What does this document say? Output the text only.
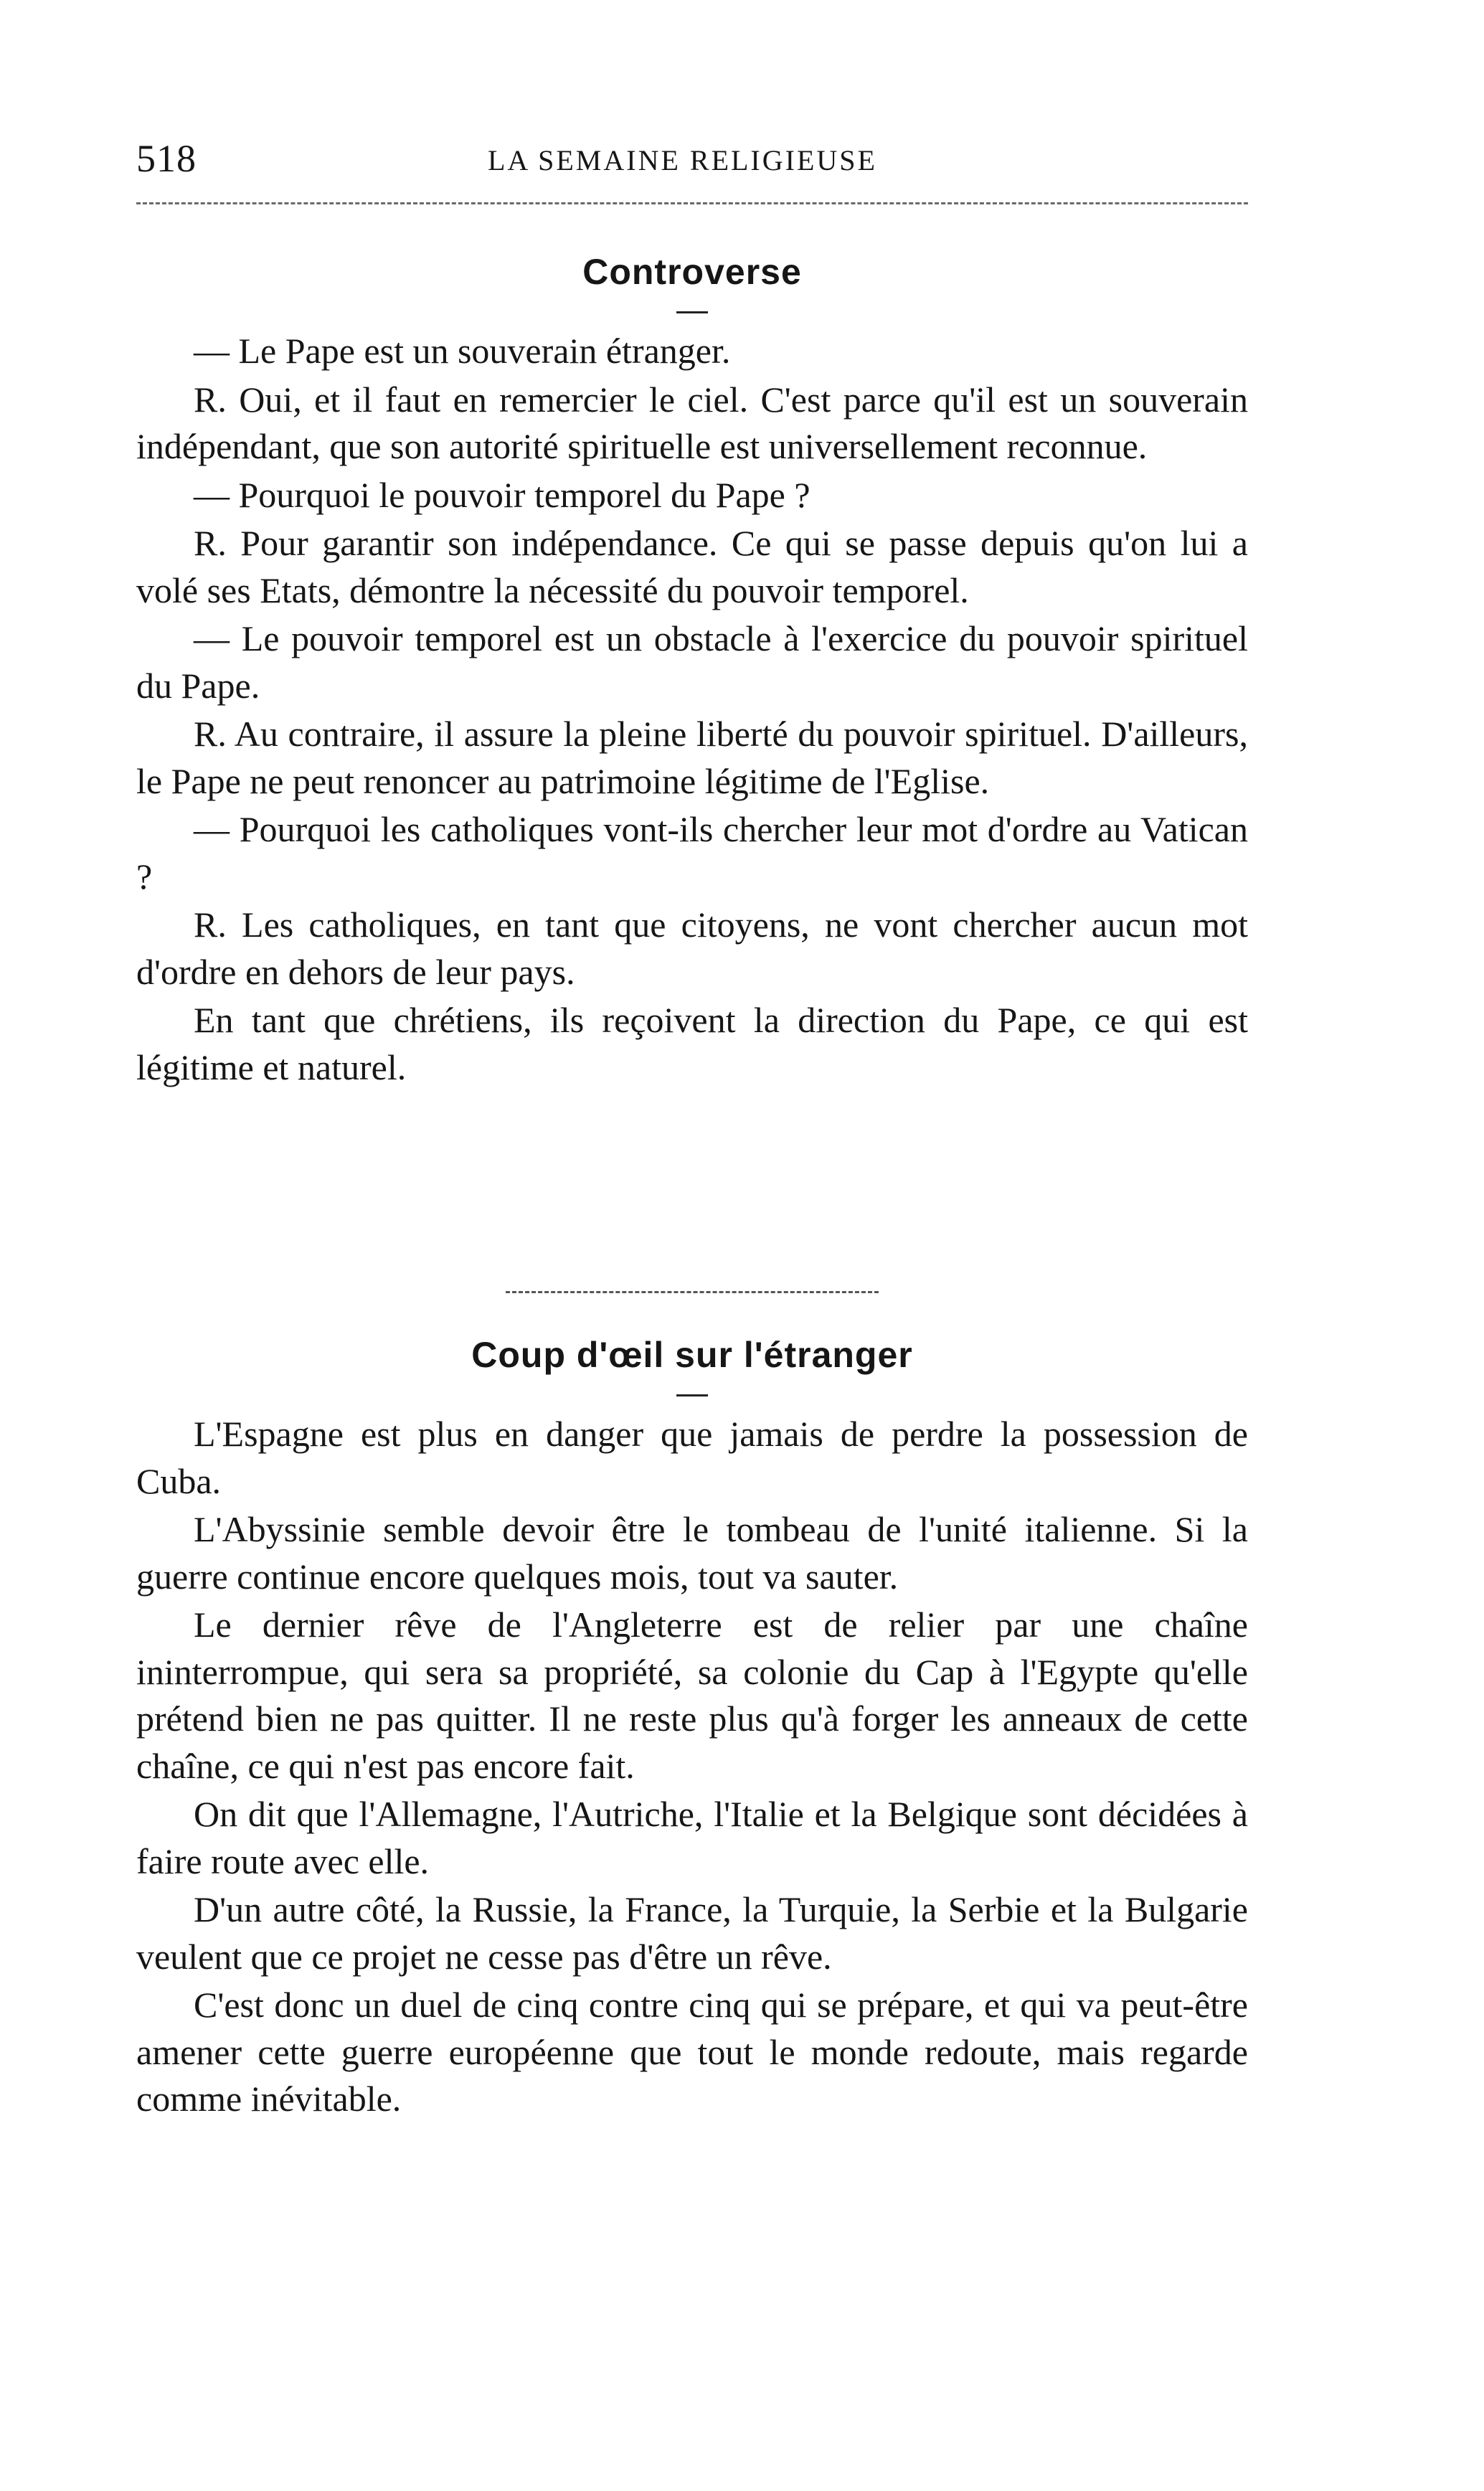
518	LA SEMAINE RELIGIEUSE
Controverse

— Le Pape est un souverain étranger.

R. Oui, et il faut en remercier le ciel. C'est parce qu'il est un souverain indépendant, que son autorité spirituelle est universellement reconnue.

— Pourquoi le pouvoir temporel du Pape ?

R. Pour garantir son indépendance. Ce qui se passe depuis qu'on lui a volé ses Etats, démontre la nécessité du pouvoir temporel.

— Le pouvoir temporel est un obstacle à l'exercice du pouvoir spirituel du Pape.

R. Au contraire, il assure la pleine liberté du pouvoir spirituel. D'ailleurs, le Pape ne peut renoncer au patrimoine légitime de l'Eglise.

— Pourquoi les catholiques vont-ils chercher leur mot d'ordre au Vatican ?

R. Les catholiques, en tant que citoyens, ne vont chercher aucun mot d'ordre en dehors de leur pays.

En tant que chrétiens, ils reçoivent la direction du Pape, ce qui est légitime et naturel.

Coup d'œil sur l'étranger

L'Espagne est plus en danger que jamais de perdre la possession de Cuba.

L'Abyssinie semble devoir être le tombeau de l'unité italienne. Si la guerre continue encore quelques mois, tout va sauter.

Le dernier rêve de l'Angleterre est de relier par une chaîne ininterrompue, qui sera sa propriété, sa colonie du Cap à l'Egypte qu'elle prétend bien ne pas quitter. Il ne reste plus qu'à forger les anneaux de cette chaîne, ce qui n'est pas encore fait.

On dit que l'Allemagne, l'Autriche, l'Italie et la Belgique sont décidées à faire route avec elle.

D'un autre côté, la Russie, la France, la Turquie, la Serbie et la Bulgarie veulent que ce projet ne cesse pas d'être un rêve.

C'est donc un duel de cinq contre cinq qui se prépare, et qui va peut-être amener cette guerre européenne que tout le monde redoute, mais regarde comme inévitable.
